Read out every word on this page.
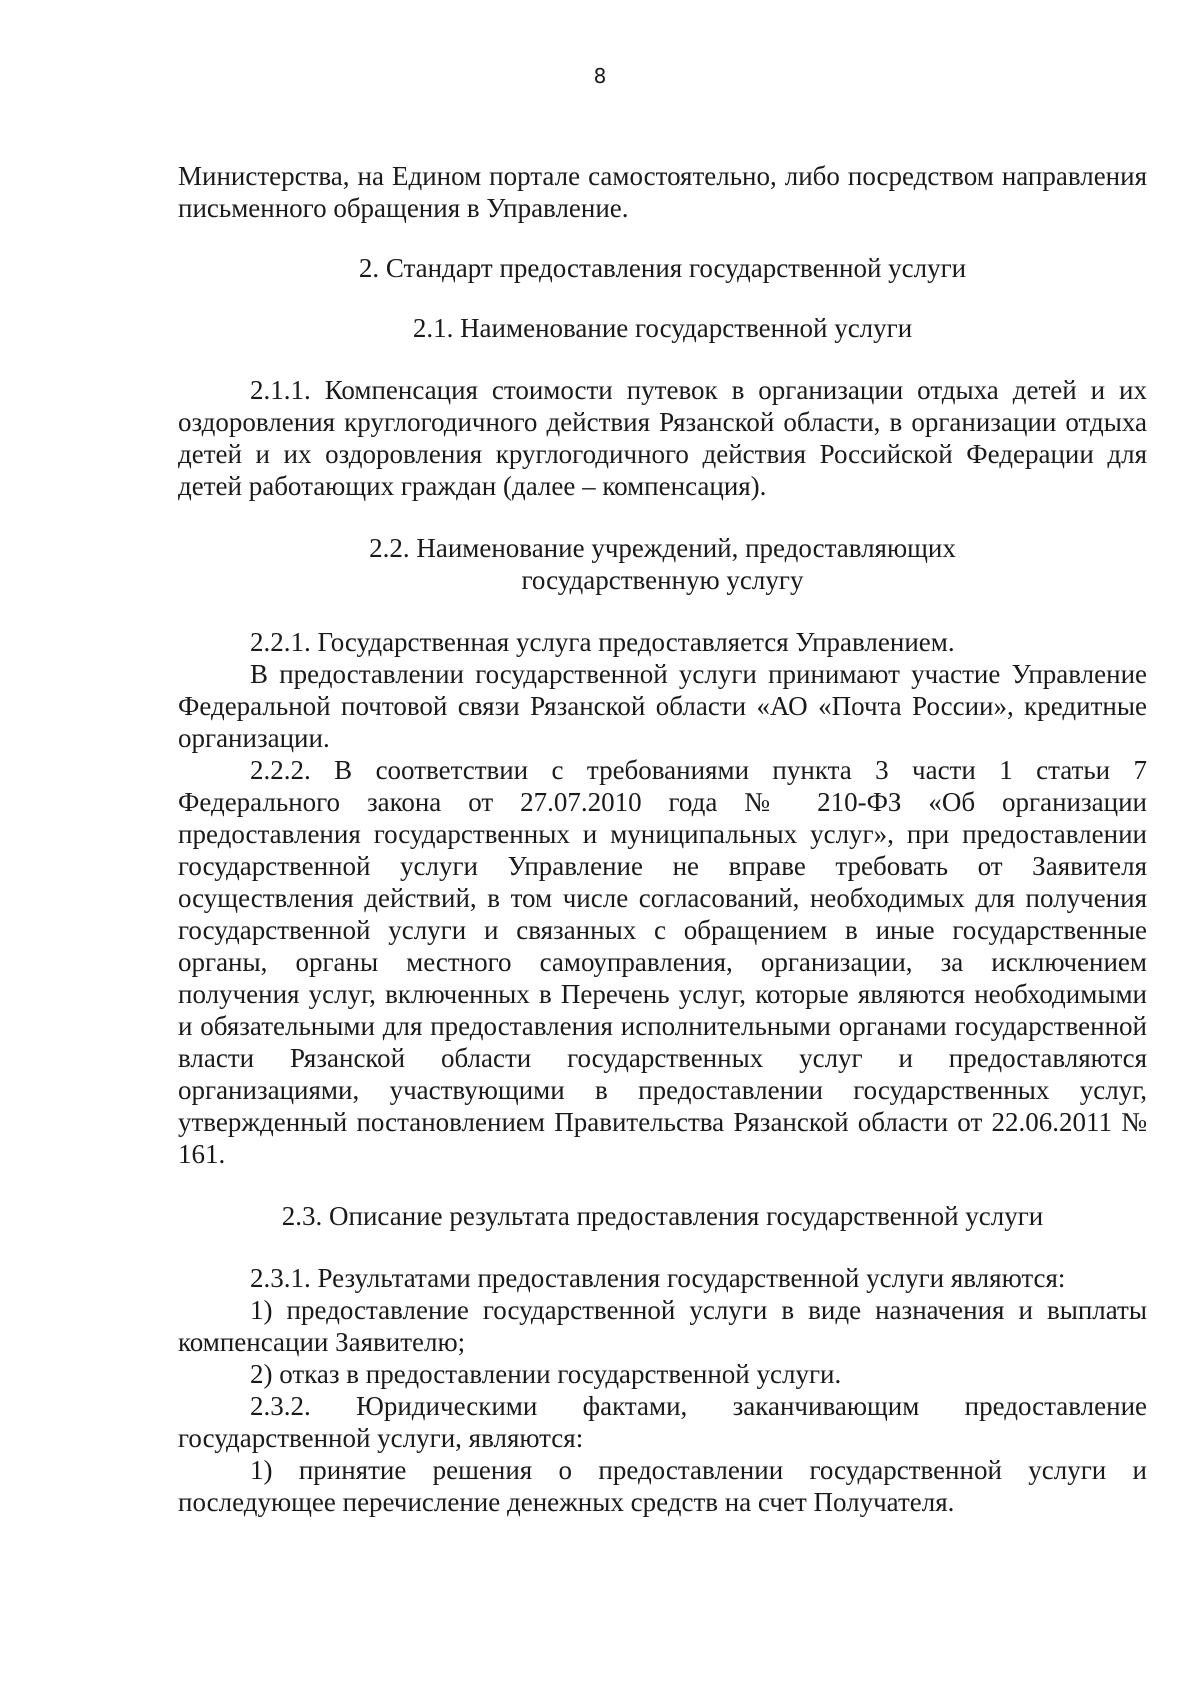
8

Министерства, на Едином портале самостоятельно, либо посредством направления письменного обращения в Управление.

2. Стандарт предоставления государственной услуги

2.1. Наименование государственной услуги

2.1.1. Компенсация стоимости путевок в организации отдыха детей и их оздоровления круглогодичного действия Рязанской области, в организации отдыха детей и их оздоровления круглогодичного действия Российской Федерации для детей работающих граждан (далее – компенсация).

2.2. Наименование учреждений, предоставляющих

государственную услугу

2.2.1. Государственная услуга предоставляется Управлением.

В предоставлении государственной услуги принимают участие Управление Федеральной почтовой связи Рязанской области «АО «Почта России», кредитные организации.

2.2.2. В соответствии с требованиями пункта 3 части 1 статьи 7 Федерального закона от 27.07.2010 года № 210-ФЗ «Об организации предоставления государственных и муниципальных услуг», при предоставлении государственной услуги Управление не вправе требовать от Заявителя осуществления действий, в том числе согласований, необходимых для получения государственной услуги и связанных с обращением в иные государственные органы, органы местного самоуправления, организации, за исключением получения услуг, включенных в Перечень услуг, которые являются необходимыми и обязательными для предоставления исполнительными органами государственной власти Рязанской области государственных услуг и предоставляются организациями, участвующими в предоставлении государственных услуг, утвержденный постановлением Правительства Рязанской области от 22.06.2011 № 161.

2.3. Описание результата предоставления государственной услуги

2.3.1. Результатами предоставления государственной услуги являются:

1) предоставление государственной услуги в виде назначения и выплаты компенсации Заявителю;

2) отказ в предоставлении государственной услуги.

2.3.2. Юридическими фактами, заканчивающим предоставление государственной услуги, являются:

1) принятие решения о предоставлении государственной услуги и последующее перечисление денежных средств на счет Получателя.
